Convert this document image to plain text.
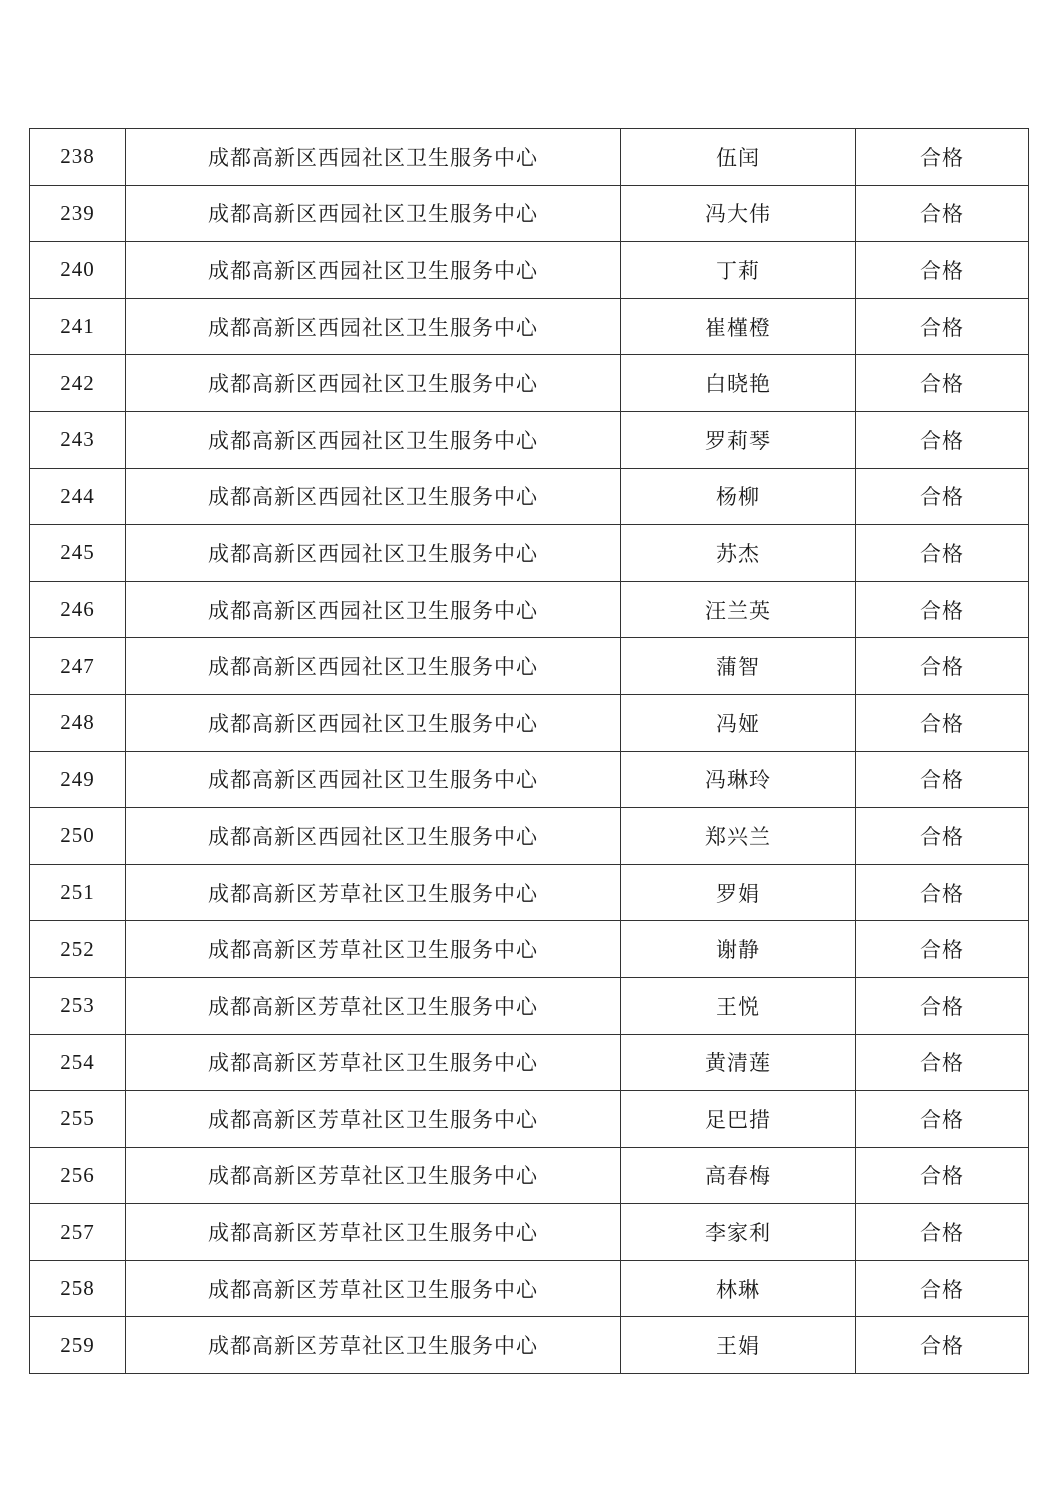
238	成都高新区西园社区卫生服务中心	伍闰	合格
239	成都高新区西园社区卫生服务中心	冯大伟	合格
240	成都高新区西园社区卫生服务中心	丁莉	合格
241	成都高新区西园社区卫生服务中心	崔槿橙	合格
242	成都高新区西园社区卫生服务中心	白晓艳	合格
243	成都高新区西园社区卫生服务中心	罗莉琴	合格
244	成都高新区西园社区卫生服务中心	杨柳	合格
245	成都高新区西园社区卫生服务中心	苏杰	合格
246	成都高新区西园社区卫生服务中心	汪兰英	合格
247	成都高新区西园社区卫生服务中心	蒲智	合格
248	成都高新区西园社区卫生服务中心	冯娅	合格
249	成都高新区西园社区卫生服务中心	冯琳玲	合格
250	成都高新区西园社区卫生服务中心	郑兴兰	合格
251	成都高新区芳草社区卫生服务中心	罗娟	合格
252	成都高新区芳草社区卫生服务中心	谢静	合格
253	成都高新区芳草社区卫生服务中心	王悦	合格
254	成都高新区芳草社区卫生服务中心	黄清莲	合格
255	成都高新区芳草社区卫生服务中心	足巴措	合格
256	成都高新区芳草社区卫生服务中心	高春梅	合格
257	成都高新区芳草社区卫生服务中心	李家利	合格
258	成都高新区芳草社区卫生服务中心	林琳	合格
259	成都高新区芳草社区卫生服务中心	王娟	合格
